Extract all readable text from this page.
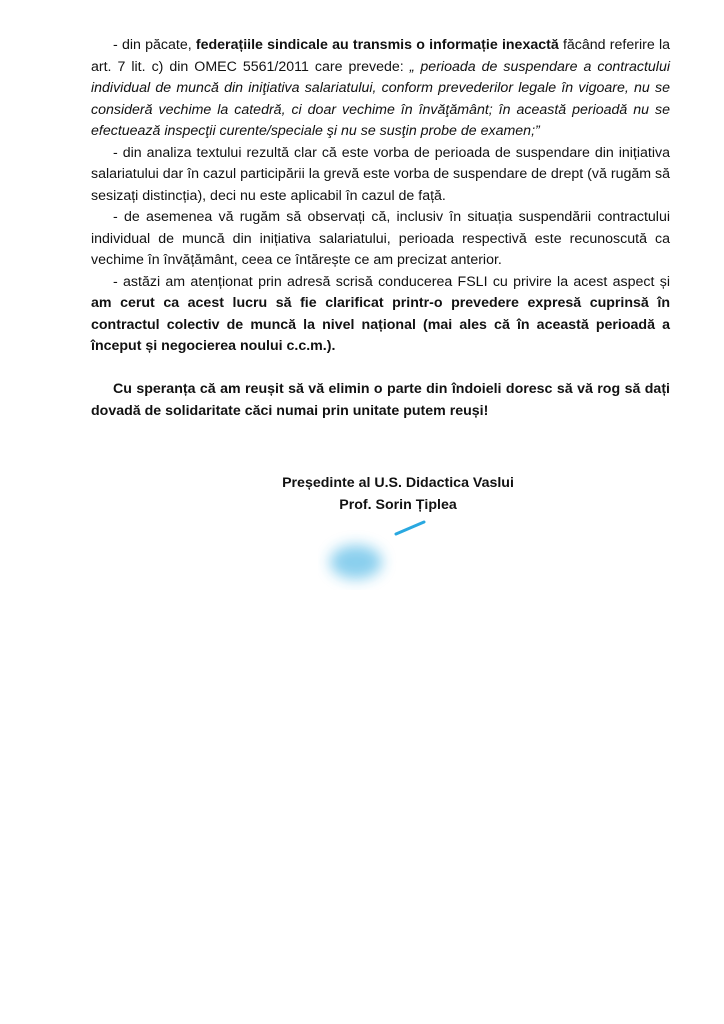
- din păcate, federațiile sindicale au transmis o informație inexactă făcând referire la art. 7 lit. c) din OMEC 5561/2011 care prevede: „ perioada de suspendare a contractului individual de muncă din iniţiativa salariatului, conform prevederilor legale în vigoare, nu se consideră vechime la catedră, ci doar vechime în învăţământ; în această perioadă nu se efectuează inspecţii curente/speciale şi nu se susţin probe de examen;”

- din analiza textului rezultă clar că este vorba de perioada de suspendare din inițiativa salariatului dar în cazul participării la grevă este vorba de suspendare de drept (vă rugăm să sesizați distincția), deci nu este aplicabil în cazul de față.

- de asemenea vă rugăm să observați că, inclusiv în situația suspendării contractului individual de muncă din inițiativa salariatului, perioada respectivă este recunoscută ca vechime în învățământ, ceea ce întărește ce am precizat anterior.

- astăzi am atenționat prin adresă scrisă conducerea FSLI cu privire la acest aspect și am cerut ca acest lucru să fie clarificat printr-o prevedere expresă cuprinsă în contractul colectiv de muncă la nivel național (mai ales că în această perioadă a început și negocierea noului c.c.m.).

Cu speranța că am reușit să vă elimin o parte din îndoieli doresc să vă rog să dați dovadă de solidaritate căci numai prin unitate putem reuși!

Președinte al U.S. Didactica Vaslui
Prof. Sorin Țiplea
